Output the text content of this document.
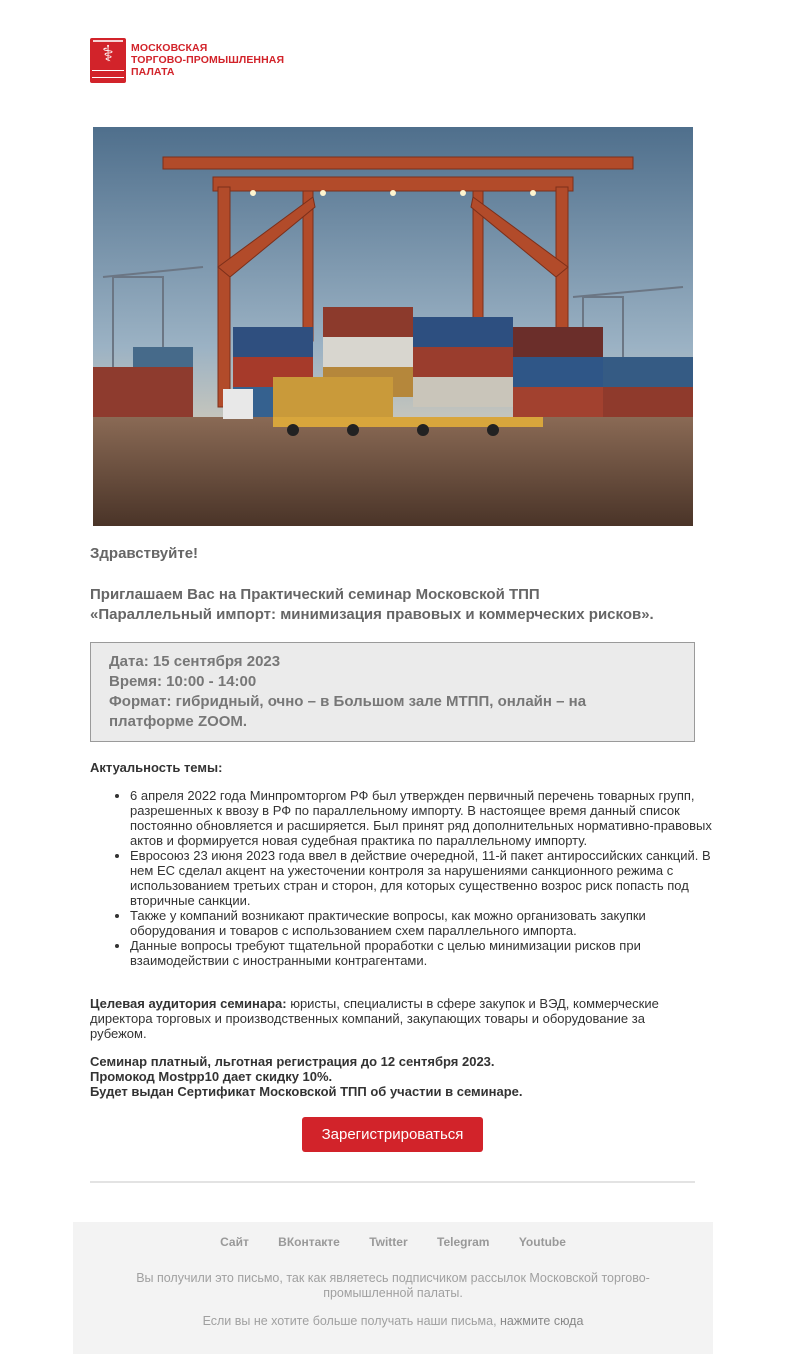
⚕	МОСКОВСКАЯ
ТОРГОВО-ПРОМЫШЛЕННАЯ
ПАЛАТА
Здравствуйте!
Приглашаем Вас на Практический семинар Московской ТПП
«Параллельный импорт: минимизация правовых и коммерческих рисков».
Дата: 15 сентября 2023
Время: 10:00 - 14:00
Формат: гибридный, очно – в Большом зале МТПП, онлайн – на платформе ZOOM.
Актуальность темы:
• 6 апреля 2022 года Минпромторгом РФ был утвержден первичный перечень товарных групп, разрешенных к ввозу в РФ по параллельному импорту. В настоящее время данный список постоянно обновляется и расширяется. Был принят ряд дополнительных нормативно-правовых актов и формируется новая судебная практика по параллельному импорту.
• Евросоюз 23 июня 2023 года ввел в действие очередной, 11-й пакет антироссийских санкций. В нем ЕС сделал акцент на ужесточении контроля за нарушениями санкционного режима с использованием третьих стран и сторон, для которых существенно возрос риск попасть под вторичные санкции.
• Также у компаний возникают практические вопросы, как можно организовать закупки оборудования и товаров с использованием схем параллельного импорта.
• Данные вопросы требуют тщательной проработки с целью минимизации рисков при взаимодействии с иностранными контрагентами.
Целевая аудитория семинара: юристы, специалисты в сфере закупок и ВЭД, коммерческие директора торговых и производственных компаний, закупающих товары и оборудование за рубежом.
Семинар платный, льготная регистрация до 12 сентября 2023.
Промокод Mostpp10 дает скидку 10%.
Будет выдан Сертификат Московской ТПП об участии в семинаре.
Зарегистрироваться
Сайт ВКонтакте Twitter Telegram Youtube
Вы получили это письмо, так как являетесь подписчиком рассылок Московской торгово-промышленной палаты.
Если вы не хотите больше получать наши письма, нажмите сюда
